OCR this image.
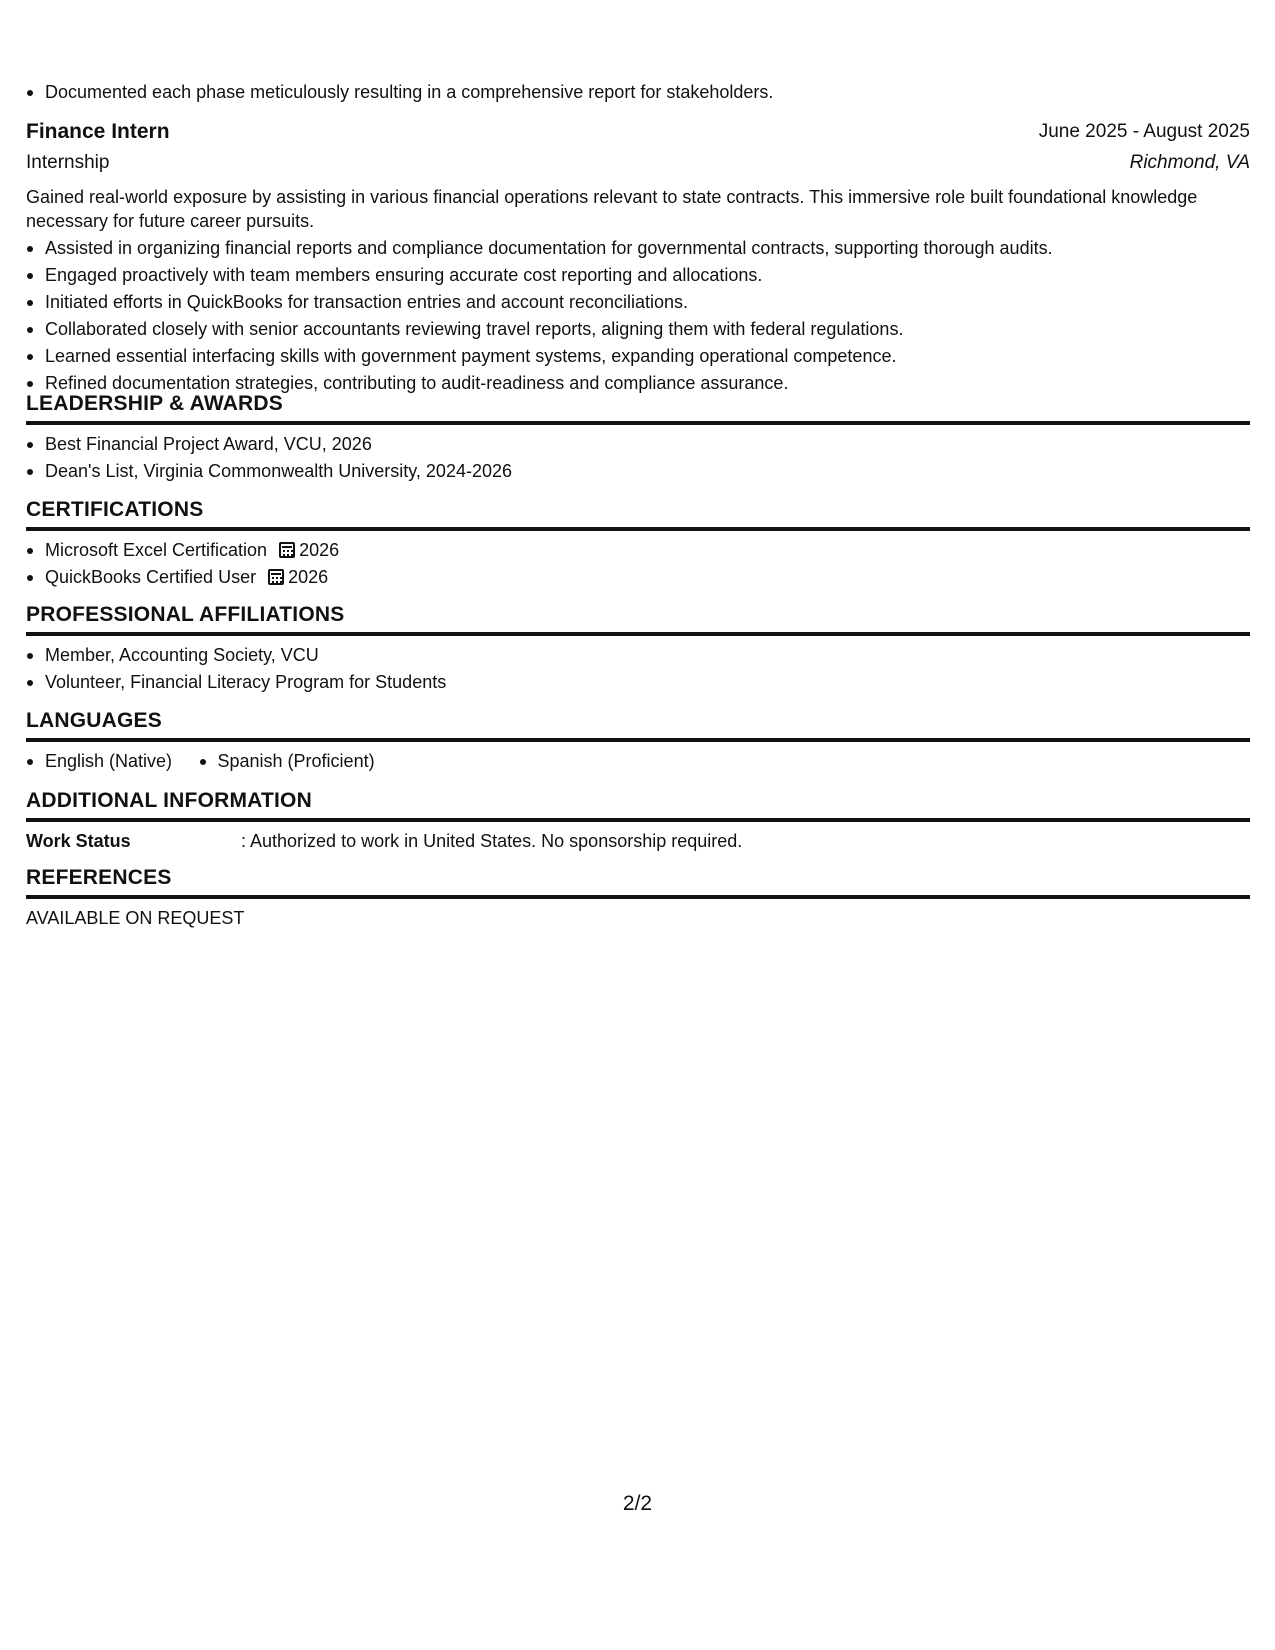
Documented each phase meticulously resulting in a comprehensive report for stakeholders.
Finance Intern	June 2025 - August 2025
Internship	Richmond, VA
Gained real-world exposure by assisting in various financial operations relevant to state contracts. This immersive role built foundational knowledge necessary for future career pursuits.
Assisted in organizing financial reports and compliance documentation for governmental contracts, supporting thorough audits.
Engaged proactively with team members ensuring accurate cost reporting and allocations.
Initiated efforts in QuickBooks for transaction entries and account reconciliations.
Collaborated closely with senior accountants reviewing travel reports, aligning them with federal regulations.
Learned essential interfacing skills with government payment systems, expanding operational competence.
Refined documentation strategies, contributing to audit-readiness and compliance assurance.
LEADERSHIP & AWARDS
Best Financial Project Award, VCU, 2026
Dean's List, Virginia Commonwealth University, 2024-2026
CERTIFICATIONS
Microsoft Excel Certification 2026
QuickBooks Certified User 2026
PROFESSIONAL AFFILIATIONS
Member, Accounting Society, VCU
Volunteer, Financial Literacy Program for Students
LANGUAGES
English (Native)	Spanish (Proficient)
ADDITIONAL INFORMATION
Work Status	: Authorized to work in United States. No sponsorship required.
REFERENCES
AVAILABLE ON REQUEST
2/2
